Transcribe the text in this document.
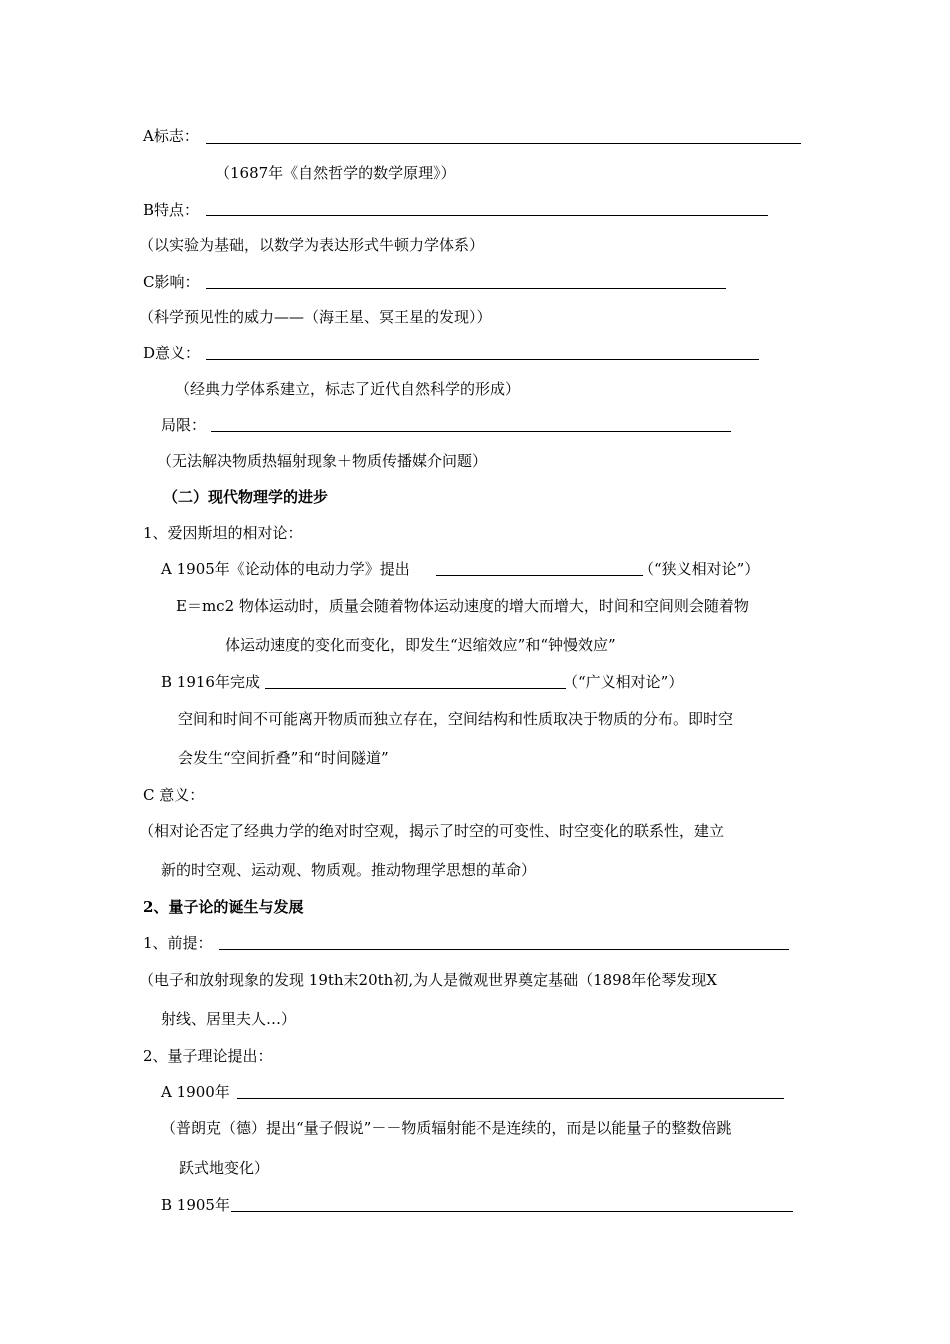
A标志：
（1687年《自然哲学的数学原理》）
B特点：
（以实验为基础，以数学为表达形式牛顿力学体系）
C影响：
（科学预见性的威力——（海王星、冥王星的发现））
D意义：
（经典力学体系建立，标志了近代自然科学的形成）
局限：
（无法解决物质热辐射现象＋物质传播媒介问题）
（二）现代物理学的进步
1、爱因斯坦的相对论：
A 1905年《论动体的电动力学》提出	（“狭义相对论”）
E＝mc2 物体运动时，质量会随着物体运动速度的增大而增大，时间和空间则会随着物
体运动速度的变化而变化，即发生“迟缩效应”和“钟慢效应”
B 1916年完成	（“广义相对论”）
空间和时间不可能离开物质而独立存在，空间结构和性质取决于物质的分布。即时空
会发生“空间折叠”和“时间隧道”
C 意义：
（相对论否定了经典力学的绝对时空观，揭示了时空的可变性、时空变化的联系性，建立
新的时空观、运动观、物质观。推动物理学思想的革命）
2、量子论的诞生与发展
1、前提：
（电子和放射现象的发现 19th末20th初,为人是微观世界奠定基础（1898年伦琴发现X
射线、居里夫人…）
2、量子理论提出：
A 1900年
（普朗克（德）提出“量子假说”－－物质辐射能不是连续的，而是以能量子的整数倍跳
跃式地变化）
B 1905年
